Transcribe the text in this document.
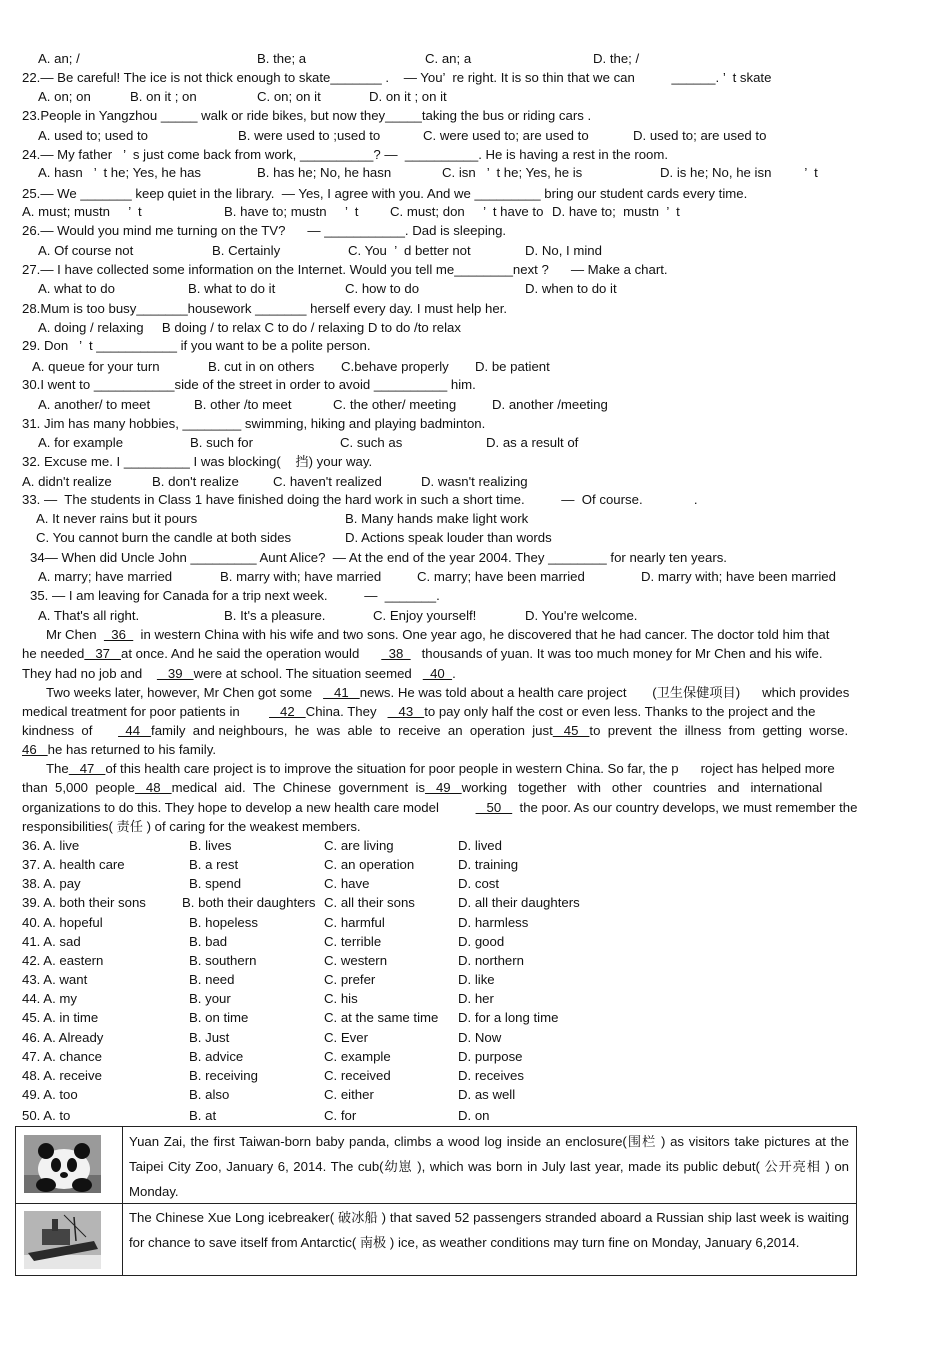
A. an; /	B. the; a	C. an; a	D. the; /
22.— Be careful! The ice is not thick enough to skate_______ .    — You’  re right. It is so thin that we can          ______. ’  t skate
A. on; on	B. on it ; on	C. on; on it	D. on it ; on it
23.People in Yangzhou _____ walk or ride bikes, but now they_____taking the bus or riding cars .
A. used to; used to	B. were used to ;used to	C. were used to; are used to	D. used to; are used to
24.— My father   ’  s just come back from work, __________? —  __________. He is having a rest in the room.
A. hasn   ’  t he; Yes, he has	B. has he; No, he hasn	C. isn   ’  t he; Yes, he is	D. is he; No, he isn         ’  t
25.— We _______ keep quiet in the library.  — Yes, I agree with you. And we _________ bring our student cards every time.
A. must; mustn     ’  t	B. have to; mustn     ’  t C. must; don     ’  t have to D. have to;  mustn  ’  t
26.— Would you mind me turning on the TV?      — ___________. Dad is sleeping.
A. Of course not	B. Certainly	C. You  ’  d better not	D. No, I mind
27.— I have collected some information on the Internet. Would you tell me________next ?      — Make a chart.
A. what to do	B. what to do it	C. how to do	D. when to do it
28.Mum is too busy_______housework _______ herself every day. I must help her.
A. doing / relaxing     B doing / to relax C to do / relaxing D to do /to relax
29. Don   ’  t ___________ if you want to be a polite person.
A. queue for your turn	B. cut in on others C.behave properly D. be patient
30.I went to ___________side of the street in order to avoid __________ him.
A. another/ to meet	B. other /to meet	C. the other/ meeting	D. another /meeting
31. Jim has many hobbies, ________ swimming, hiking and playing badminton.
A. for example	B. such for	C. such as	D. as a result of
32. Excuse me. I _________ I was blocking(    挡) your way.
A. didn't realize	B. don't realize	C. haven't realized	D. wasn't realizing
33. —  The students in Class 1 have finished doing the hard work in such a short time.          —  Of course.              .
A. It never rains but it pours	B. Many hands make light work
C. You cannot burn the candle at both sides	D. Actions speak louder than words
34— When did Uncle John _________ Aunt Alice?  — At the end of the year 2004. They ________ for nearly ten years.
A. marry; have married	B. marry with; have married	C. marry; have been married	D. marry with; have been married
35. — I am leaving for Canada for a trip next week.          —  _______.
A. That's all right.	B. It's a pleasure.	C. Enjoy yourself!	D. You're welcome.
Mr Chen    36    in western China with his wife and two sons. One year ago, he discovered that he had cancer. The doctor told him that
he needed   37   at once. And he said the operation would        38     thousands of yuan. It was too much money for Mr Chen and his wife.
They had no job and       39   were at school. The situation seemed     40  .
Two weeks later, however, Mr Chen got some      41   news. He was told about a health care project       (卫生保健项目)      which provides
medical treatment for poor patients in           42   China. They      43   to pay only half the cost or even less. Thanks to the project and the
kindness  of         44   family  and neighbours,  he  was  able  to  receive  an  operation  just   45   to  prevent  the  illness  from  getting  worse.
46   he has returned to his family.
The   47   of this health care project is to improve the situation for poor people in western China. So far, the p      roject has helped more
than  5,000  people   48   medical  aid.  The  Chinese  government  is   49   working   together   with   other   countries   and   international
organizations to do this. They hope to develop a new health care model             50     the poor. As our country develops, we must remember the
responsibilities( 责任 ) of caring for the weakest members.
36. A. live	B. lives	C. are living	D. lived
37. A. health care	B. a rest	C. an operation	D. training
38. A. pay	B. spend	C. have	D. cost
39. A. both their sons	B. both their daughters C. all their sons	D. all their daughters
40. A. hopeful	B. hopeless	C. harmful	D. harmless
41. A. sad	B. bad	C. terrible	D. good
42. A. eastern	B. southern	C. western	D. northern
43. A. want	B. need	C. prefer	D. like
44. A. my	B. your	C. his	D. her
45. A. in time	B. on time	C. at the same time D. for a long time
46. A. Already	B. Just	C. Ever	D. Now
47. A. chance	B. advice	C. example	D. purpose
48. A. receive	B. receiving	C. received	D. receives
49. A. too	B. also	C. either	D. as well
50. A. to	B. at	C. for	D. on
Yuan Zai, the first Taiwan-born baby panda, climbs a wood log inside an enclosure(围栏 ) as visitors take pictures at the Taipei City Zoo, January 6, 2014. The cub(幼崽 ), which was born in July last year, made its public debut( 公开亮相 ) on Monday.
The Chinese Xue Long icebreaker( 破冰船 ) that saved 52 passengers stranded aboard a Russian ship last week is waiting for chance to save itself from Antarctic( 南极 ) ice, as weather conditions may turn fine on Monday, January 6,2014.
